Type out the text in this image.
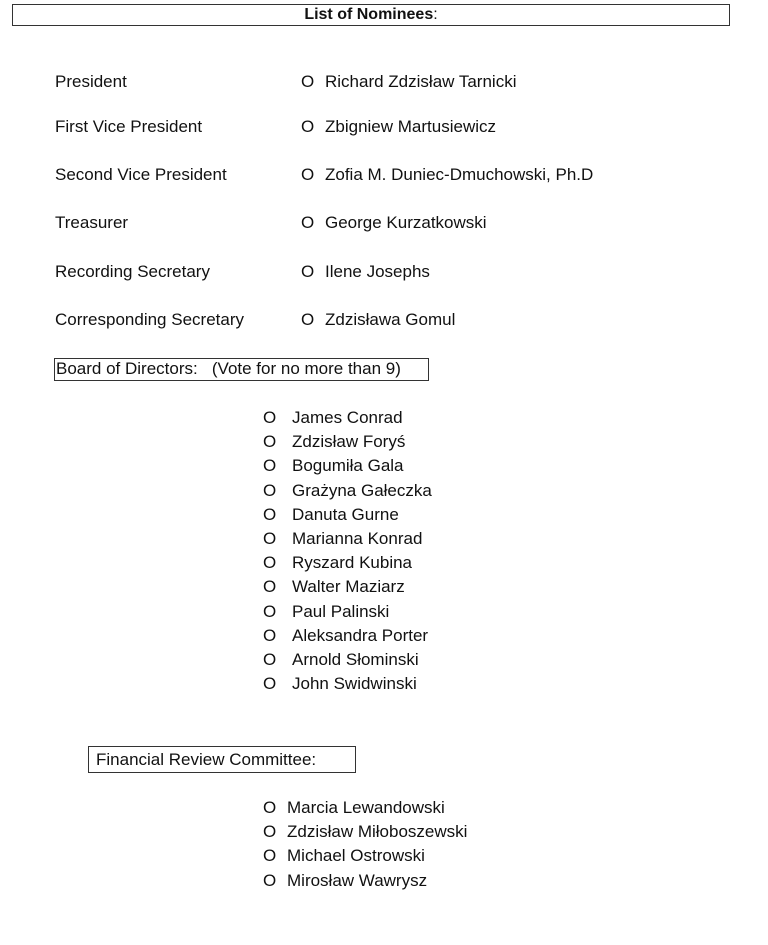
List of Nominees:
President	O Richard Zdzisław Tarnicki
First Vice President	O Zbigniew Martusiewicz
Second Vice President	O Zofia M. Duniec-Dmuchowski, Ph.D
Treasurer	O George Kurzatkowski
Recording Secretary	O Ilene Josephs
Corresponding Secretary	O Zdzisława Gomul
Board of Directors:   (Vote for no more than 9)
O James Conrad
O Zdzisław Foryś
O Bogumiła Gala
O Grażyna Gałeczka
O Danuta Gurne
O Marianna Konrad
O Ryszard Kubina
O Walter Maziarz
O Paul Palinski
O Aleksandra Porter
O Arnold Słominski
O John Swidwinski
Financial Review Committee:
O Marcia Lewandowski
O Zdzisław Miłoboszewski
O Michael Ostrowski
O Mirosław Wawrysz
